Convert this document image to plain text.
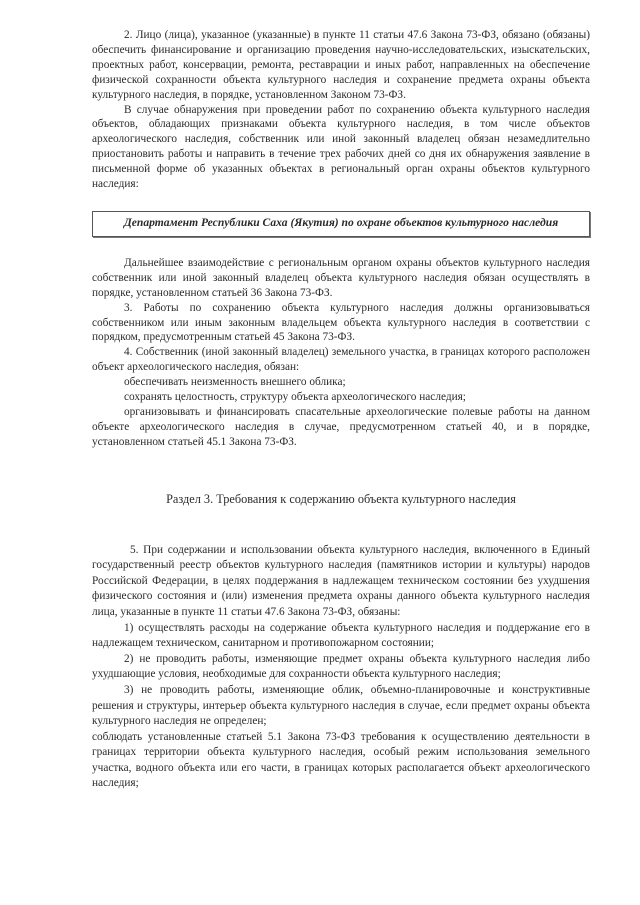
2. Лицо (лица), указанное (указанные) в пункте 11 статьи 47.6 Закона 73-ФЗ, обязано (обязаны) обеспечить финансирование и организацию проведения научно-исследовательских, изыскательских, проектных работ, консервации, ремонта, реставрации и иных работ, направленных на обеспечение физической сохранности объекта культурного наследия и сохранение предмета охраны объекта культурного наследия, в порядке, установленном Законом 73-ФЗ.

В случае обнаружения при проведении работ по сохранению объекта культурного наследия объектов, обладающих признаками объекта культурного наследия, в том числе объектов археологического наследия, собственник или иной законный владелец обязан незамедлительно приостановить работы и направить в течение трех рабочих дней со дня их обнаружения заявление в письменной форме об указанных объектах в региональный орган охраны объектов культурного наследия:

Департамент Республики Саха (Якутия) по охране объектов культурного наследия

Дальнейшее взаимодействие с региональным органом охраны объектов культурного наследия собственник или иной законный владелец объекта культурного наследия обязан осуществлять в порядке, установленном статьей 36 Закона 73-ФЗ.

3. Работы по сохранению объекта культурного наследия должны организовываться собственником или иным законным владельцем объекта культурного наследия в соответствии с порядком, предусмотренным статьей 45 Закона 73-ФЗ.

4. Собственник (иной законный владелец) земельного участка, в границах которого расположен объект археологического наследия, обязан:

обеспечивать неизменность внешнего облика;

сохранять целостность, структуру объекта археологического наследия;

организовывать и финансировать спасательные археологические полевые работы на данном объекте археологического наследия в случае, предусмотренном статьей 40, и в порядке, установленном статьей 45.1 Закона 73-ФЗ.

Раздел 3. Требования к содержанию объекта культурного наследия

5. При содержании и использовании объекта культурного наследия, включенного в Единый государственный реестр объектов культурного наследия (памятников истории и культуры) народов Российской Федерации, в целях поддержания в надлежащем техническом состоянии без ухудшения физического состояния и (или) изменения предмета охраны данного объекта культурного наследия лица, указанные в пункте 11 статьи 47.6 Закона 73-ФЗ, обязаны:

1) осуществлять расходы на содержание объекта культурного наследия и поддержание его в надлежащем техническом, санитарном и противопожарном состоянии;

2) не проводить работы, изменяющие предмет охраны объекта культурного наследия либо ухудшающие условия, необходимые для сохранности объекта культурного наследия;

3) не проводить работы, изменяющие облик, объемно-планировочные и конструктивные решения и структуры, интерьер объекта культурного наследия в случае, если предмет охраны объекта культурного наследия не определен;

соблюдать установленные статьей 5.1 Закона 73-ФЗ требования к осуществлению деятельности в границах территории объекта культурного наследия, особый режим использования земельного участка, водного объекта или его части, в границах которых располагается объект археологического наследия;
